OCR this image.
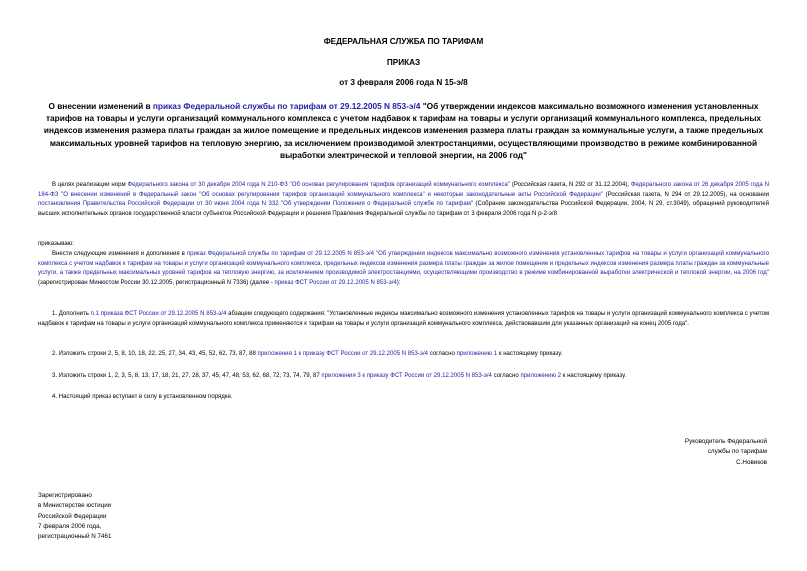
ФЕДЕРАЛЬНАЯ СЛУЖБА ПО ТАРИФАМ
ПРИКАЗ
от 3 февраля 2006 года N 15-э/8
О внесении изменений в приказ Федеральной службы по тарифам от 29.12.2005 N 853-э/4 "Об утверждении индексов максимально возможного изменения установленных тарифов на товары и услуги организаций коммунального комплекса с учетом надбавок к тарифам на товары и услуги организаций коммунального комплекса, предельных индексов изменения размера платы граждан за жилое помещение и предельных индексов изменения размера платы граждан за коммунальные услуги, а также предельных максимальных уровней тарифов на тепловую энергию, за исключением производимой электростанциями, осуществляющими производство в режиме комбинированной выработки электрической и тепловой энергии, на 2006 год"
В целях реализации норм Федерального закона от 30 декабря 2004 года N 210-ФЗ "Об основах регулирования тарифов организаций коммунального комплекса" (Российская газета, N 292 от 31.12.2004), Федерального закона от 26 декабря 2005 года N 184-ФЗ "О внесении изменений в Федеральный закон "Об основах регулирования тарифов организаций коммунального комплекса" и некоторые законодательные акты Российской Федерации" (Российская газета, N 294 от 29.12.2005), на основании постановления Правительства Российской Федерации от 30 июня 2004 года N 332 "Об утверждении Положения о Федеральной службе по тарифам" (Собрание законодательства Российской Федерации, 2004, N 29, ст.3049), обращений руководителей высших исполнительных органов государственной власти субъектов Российской Федерации и решения Правления Федеральной службы по тарифам от 3 февраля 2006 года N р-2-э/8
приказываю:
Внести следующие изменения и дополнения в приказ Федеральной службы по тарифам от 29.12.2005 N 853-э/4 "Об утверждении индексов максимально возможного изменения установленных тарифов на товары и услуги организаций коммунального комплекса с учетом надбавок к тарифам на товары и услуги организаций коммунального комплекса, предельных индексов изменения размера платы граждан за жилое помещение и предельных индексов изменения размера платы граждан за коммунальные услуги, а также предельных максимальных уровней тарифов на тепловую энергию, за исключением производимой электростанциями, осуществляющими производство в режиме комбинированной выработки электрической и тепловой энергии, на 2006 год" (зарегистрирован Минюстом России 30.12.2005, регистрационный N 7336) (далее - приказ ФСТ России от 29.12.2005 N 853-э/4):
1. Дополнить п.1 приказа ФСТ России от 29.12.2005 N 853-э/4 абзацем следующего содержания: "Установленные индексы максимально возможного изменения установленных тарифов на товары и услуги организаций коммунального комплекса с учетом надбавок к тарифам на товары и услуги организаций коммунального комплекса применяются к тарифам на товары и услуги организаций коммунального комплекса, действовавшим для указанных организаций на конец 2005 года".
2. Изложить строки 2, 5, 8, 10, 18, 22, 25, 27, 34, 43, 45, 52, 62, 73, 87, 88 приложения 1 к приказу ФСТ России от 29.12.2005 N 853-э/4 согласно приложению 1 к настоящему приказу.
3. Изложить строки 1, 2, 3, 5, 8, 13, 17, 18, 21, 27, 28, 37, 45, 47, 48, 53, 62, 68, 72, 73, 74, 79, 87 приложения 3 к приказу ФСТ России от 29.12.2005 N 853-э/4 согласно приложению 2 к настоящему приказу.
4. Настоящий приказ вступает в силу в установленном порядке.
Руководитель Федеральной
службы по тарифам
С.Новиков
Зарегистрировано
в Министерстве юстиции
Российской Федерации
7 февраля 2006 года,
регистрационный N 7461
